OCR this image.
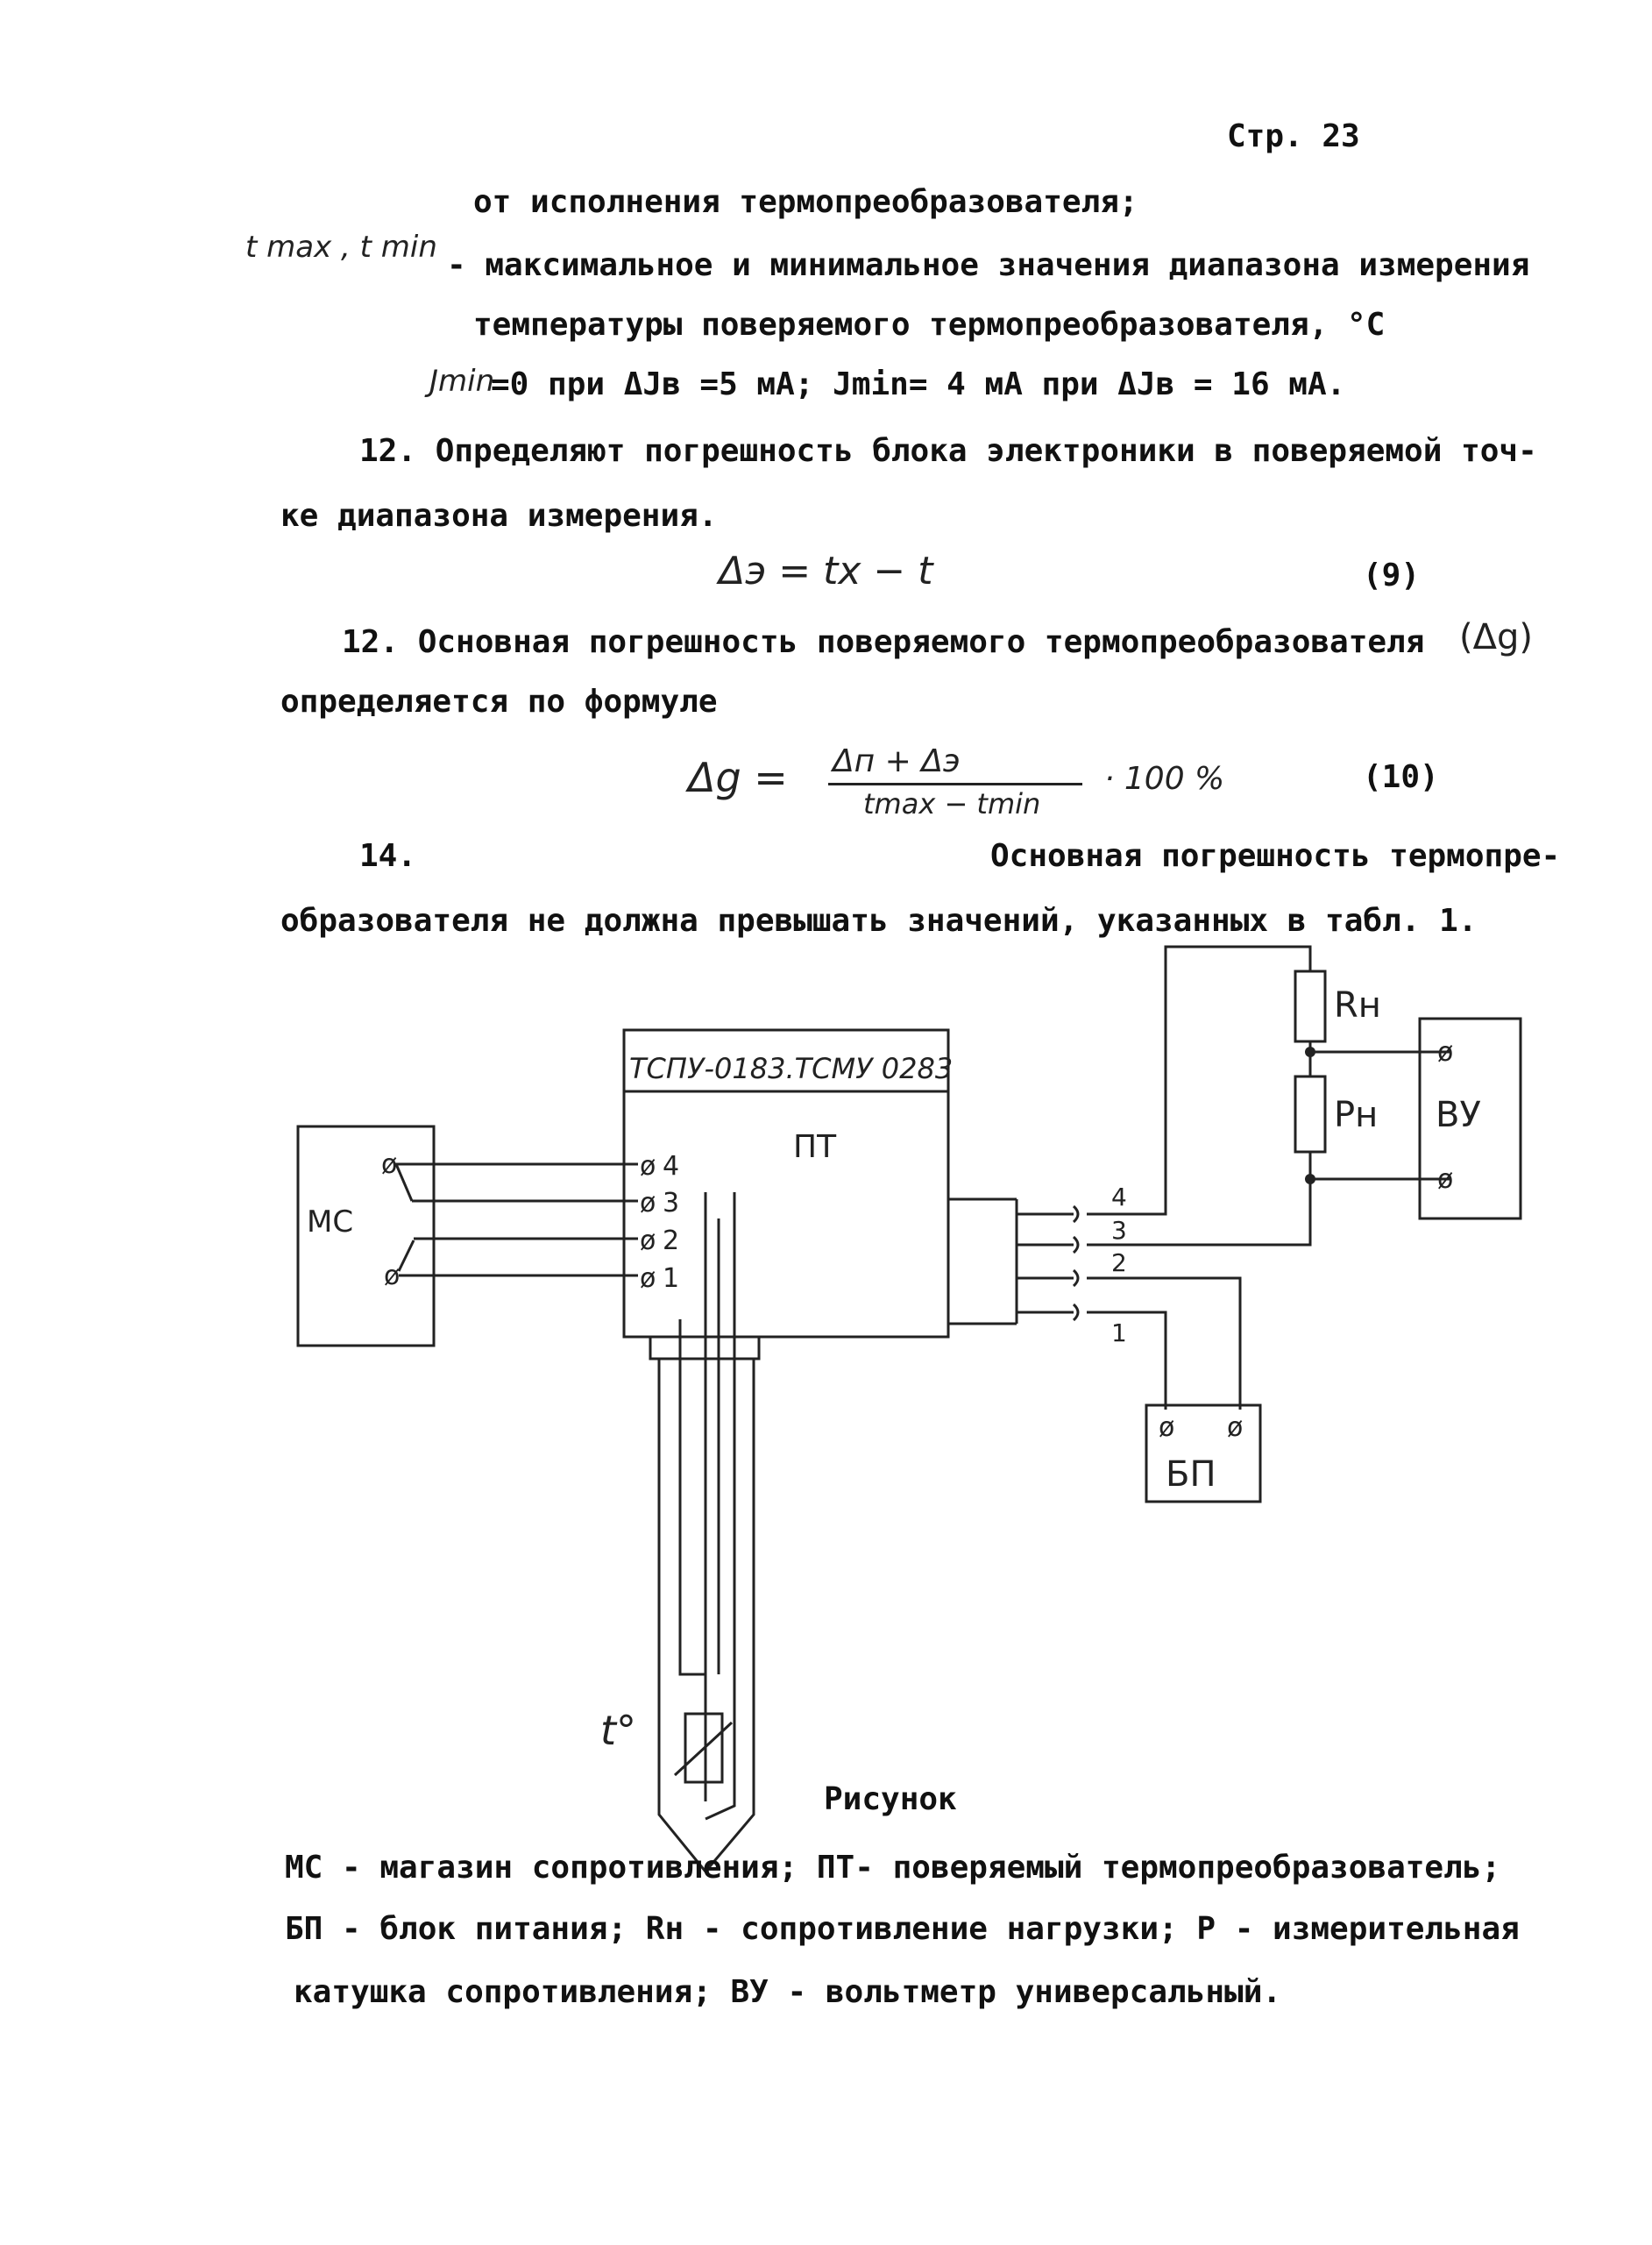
Стр. 23
от исполнения термопреобразователя;
t max , t min - максимальное и минимальное значения диапазона измерения
температуры поверяемого термопреобразователя, °С
Jmin
=0 при ΔJв =5 мА; Jmin= 4 мА при ΔJв = 16 мА.
12. Определяют погрешность блока электроники в поверяемой точ-
ке диапазона измерения.
Δэ = tx − t	(9)
12. Основная погрешность поверяемого термопреобразователя (Δg)
определяется по формуле
Δg = Δп + Δэ
tmax − tmin
· 100 %	(10)
14.	Основная погрешность термопре-
образователя не должна превышать значений, указанных в табл. 1.
ТСПУ-0183.ТСМУ 0283
ПТ
МС
Rн
Pн ВУ
БП
t°
4
3
2
1
ø
ø
ø
ø
ø
ø
4
3
2
1
ø
ø
ø ø
Рисунок
МС - магазин сопротивления; ПТ- поверяемый термопреобразователь;
БП - блок питания; Rн - сопротивление нагрузки; Р - измерительная
катушка сопротивления; ВУ - вольтметр универсальный.
